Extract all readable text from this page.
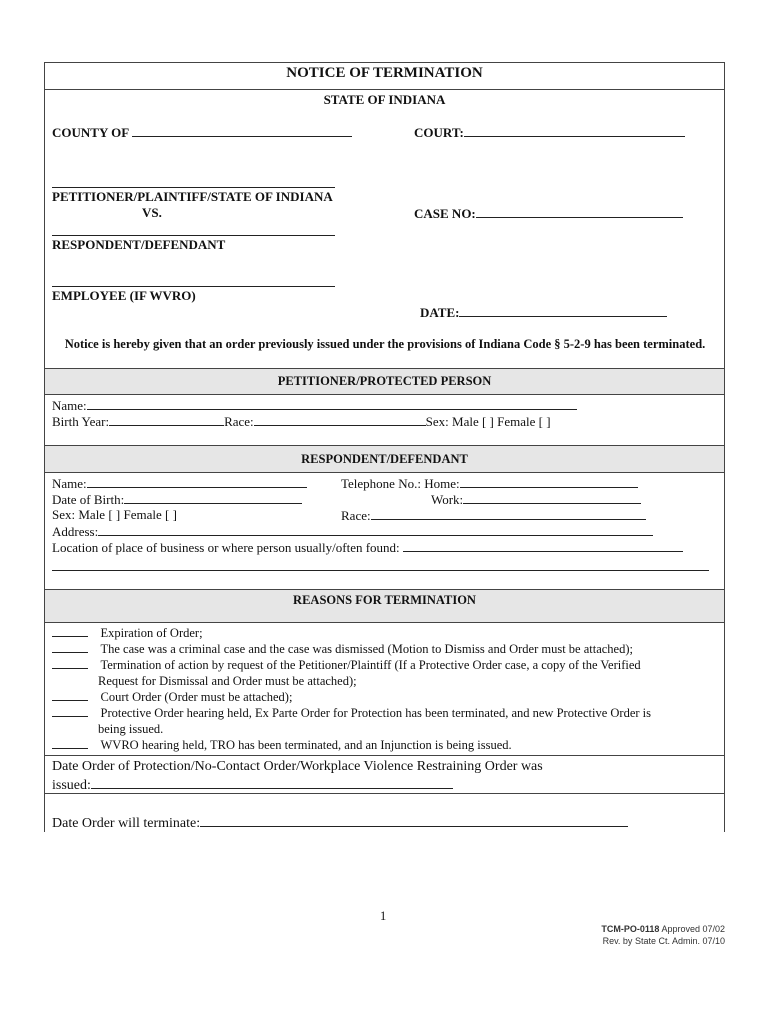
NOTICE OF TERMINATION
STATE OF INDIANA
COUNTY OF	COURT:
PETITIONER/PLAINTIFF/STATE OF INDIANA
VS.	CASE NO:
RESPONDENT/DEFENDANT
EMPLOYEE (IF WVRO)
DATE:
Notice is hereby given that an order previously issued under the provisions of Indiana Code § 5-2-9 has been terminated.
PETITIONER/PROTECTED PERSON
Name:
Birth Year:	Race:	Sex: Male [ ] Female [ ]
RESPONDENT/DEFENDANT
Name:	Telephone No.: Home:
Date of Birth:	Work:
Sex: Male [ ] Female [ ]	Race:
Address:
Location of place of business or where person usually/often found:
REASONS FOR TERMINATION
Expiration of Order;
The case was a criminal case and the case was dismissed (Motion to Dismiss and Order must be attached);
Termination of action by request of the Petitioner/Plaintiff (If a Protective Order case, a copy of the Verified
Request for Dismissal and Order must be attached);
Court Order (Order must be attached);
Protective Order hearing held, Ex Parte Order for Protection has been terminated, and new Protective Order is
being issued.
WVRO hearing held, TRO has been terminated, and an Injunction is being issued.
Date Order of Protection/No-Contact Order/Workplace Violence Restraining Order was
issued:
Date Order will terminate:
1
TCM-PO-0118 Approved 07/02
Rev. by State Ct. Admin. 07/10
